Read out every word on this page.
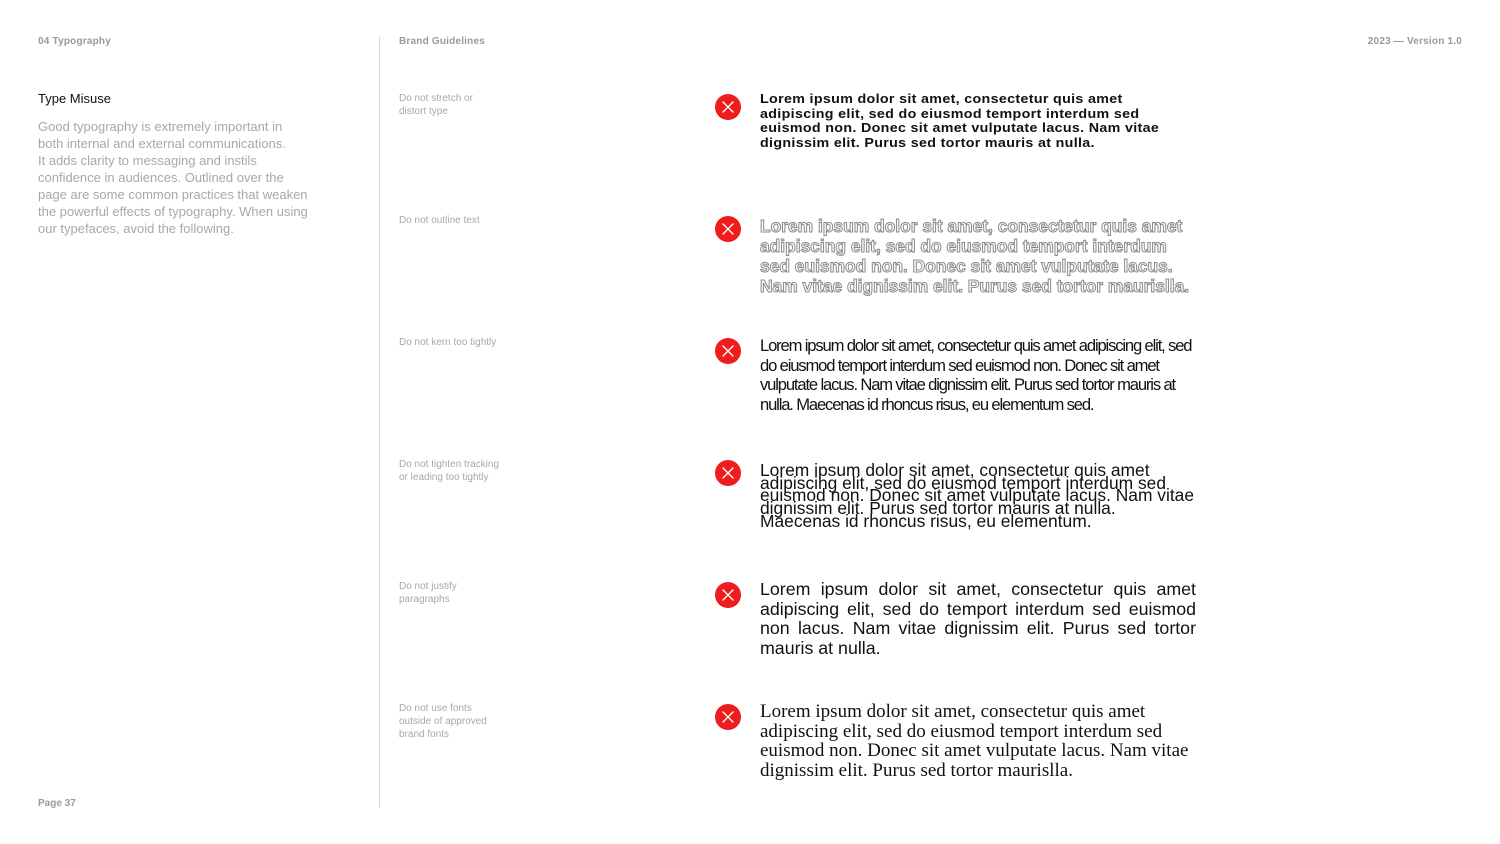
04 Typography	Brand Guidelines	2023 — Version 1.0
Type Misuse
Good typography is extremely important in
both internal and external communications.
It adds clarity to messaging and instils
confidence in audiences. Outlined over the
page are some common practices that weaken
the powerful effects of typography. When using
our typefaces, avoid the following.
Do not stretch or
distort type
Lorem ipsum dolor sit amet, consectetur quis amet adipiscing elit, sed do eiusmod temport interdum sed euismod non. Donec sit amet vulputate lacus. Nam vitae dignissim elit. Purus sed tortor mauris at nulla.
Do not outline text	Lorem ipsum dolor sit amet, consectetur quis amet adipiscing elit, sed do eiusmod temport interdum sed euismod non. Donec sit amet vulputate lacus. Nam vitae dignissim elit. Purus sed tortor maurislla.
Do not kern too tightly	Lorem ipsum dolor sit amet, consectetur quis amet adipiscing elit, sed do eiusmod temport interdum sed euismod non. Donec sit amet vulputate lacus. Nam vitae dignissim elit. Purus sed tortor mauris at nulla. Maecenas id rhoncus risus, eu elementum sed.
Do not tighten tracking
or leading too tightly	Lorem ipsum dolor sit amet, consectetur quis amet adipiscing elit, sed do eiusmod temport interdum sed euismod non. Donec sit amet vulputate lacus. Nam vitae dignissim elit. Purus sed tortor mauris at nulla. Maecenas id rhoncus risus, eu elementum.
Do not justify
paragraphs
Lorem ipsum dolor sit amet, consectetur quis amet adipiscing elit, sed do temport interdum sed euismod non lacus. Nam vitae dignissim elit. Purus sed tortor mauris at nulla.
Do not use fonts
outside of approved
brand fonts
Lorem ipsum dolor sit amet, consectetur quis amet adipiscing elit, sed do eiusmod temport interdum sed euismod non. Donec sit amet vulputate lacus. Nam vitae dignissim elit. Purus sed tortor maurislla.
Page 37
